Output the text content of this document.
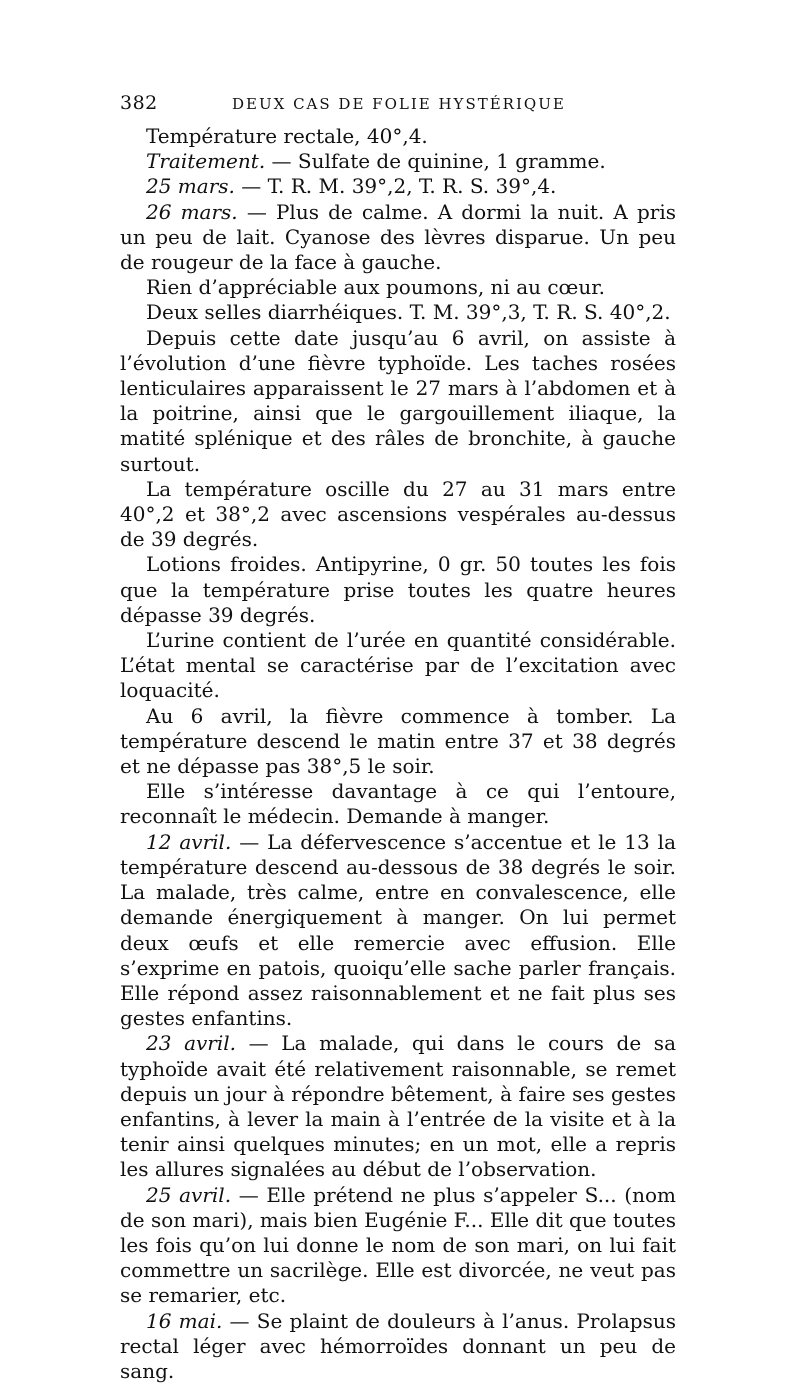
382	DEUX CAS DE FOLIE HYSTÉRIQUE

Température rectale, 40°,4.

Traitement. — Sulfate de quinine, 1 gramme.

25 mars. — T. R. M. 39°,2, T. R. S. 39°,4.

26 mars. — Plus de calme. A dormi la nuit. A pris un peu de lait. Cyanose des lèvres disparue. Un peu de rougeur de la face à gauche.

Rien d’appréciable aux poumons, ni au cœur.

Deux selles diarrhéiques. T. M. 39°,3, T. R. S. 40°,2.

Depuis cette date jusqu’au 6 avril, on assiste à l’évolution d’une fièvre typhoïde. Les taches rosées lenticulaires apparaissent le 27 mars à l’abdomen et à la poitrine, ainsi que le gargouillement iliaque, la matité splénique et des râles de bronchite, à gauche surtout.

La température oscille du 27 au 31 mars entre 40°,2 et 38°,2 avec ascensions vespérales au-dessus de 39 degrés.

Lotions froides. Antipyrine, 0 gr. 50 toutes les fois que la température prise toutes les quatre heures dépasse 39 degrés.

L’urine contient de l’urée en quantité considérable. L’état mental se caractérise par de l’excitation avec loquacité.

Au 6 avril, la fièvre commence à tomber. La température descend le matin entre 37 et 38 degrés et ne dépasse pas 38°,5 le soir.

Elle s’intéresse davantage à ce qui l’entoure, reconnaît le médecin. Demande à manger.

12 avril. — La défervescence s’accentue et le 13 la température descend au-dessous de 38 degrés le soir. La malade, très calme, entre en convalescence, elle demande énergiquement à manger. On lui permet deux œufs et elle remercie avec effusion. Elle s’exprime en patois, quoiqu’elle sache parler français. Elle répond assez raisonnablement et ne fait plus ses gestes enfantins.

23 avril. — La malade, qui dans le cours de sa typhoïde avait été relativement raisonnable, se remet depuis un jour à répondre bêtement, à faire ses gestes enfantins, à lever la main à l’entrée de la visite et à la tenir ainsi quelques minutes; en un mot, elle a repris les allures signalées au début de l’observation.

25 avril. — Elle prétend ne plus s’appeler S... (nom de son mari), mais bien Eugénie F... Elle dit que toutes les fois qu’on lui donne le nom de son mari, on lui fait commettre un sacrilège. Elle est divorcée, ne veut pas se remarier, etc.

16 mai. — Se plaint de douleurs à l’anus. Prolapsus rectal léger avec hémorroïdes donnant un peu de sang.
